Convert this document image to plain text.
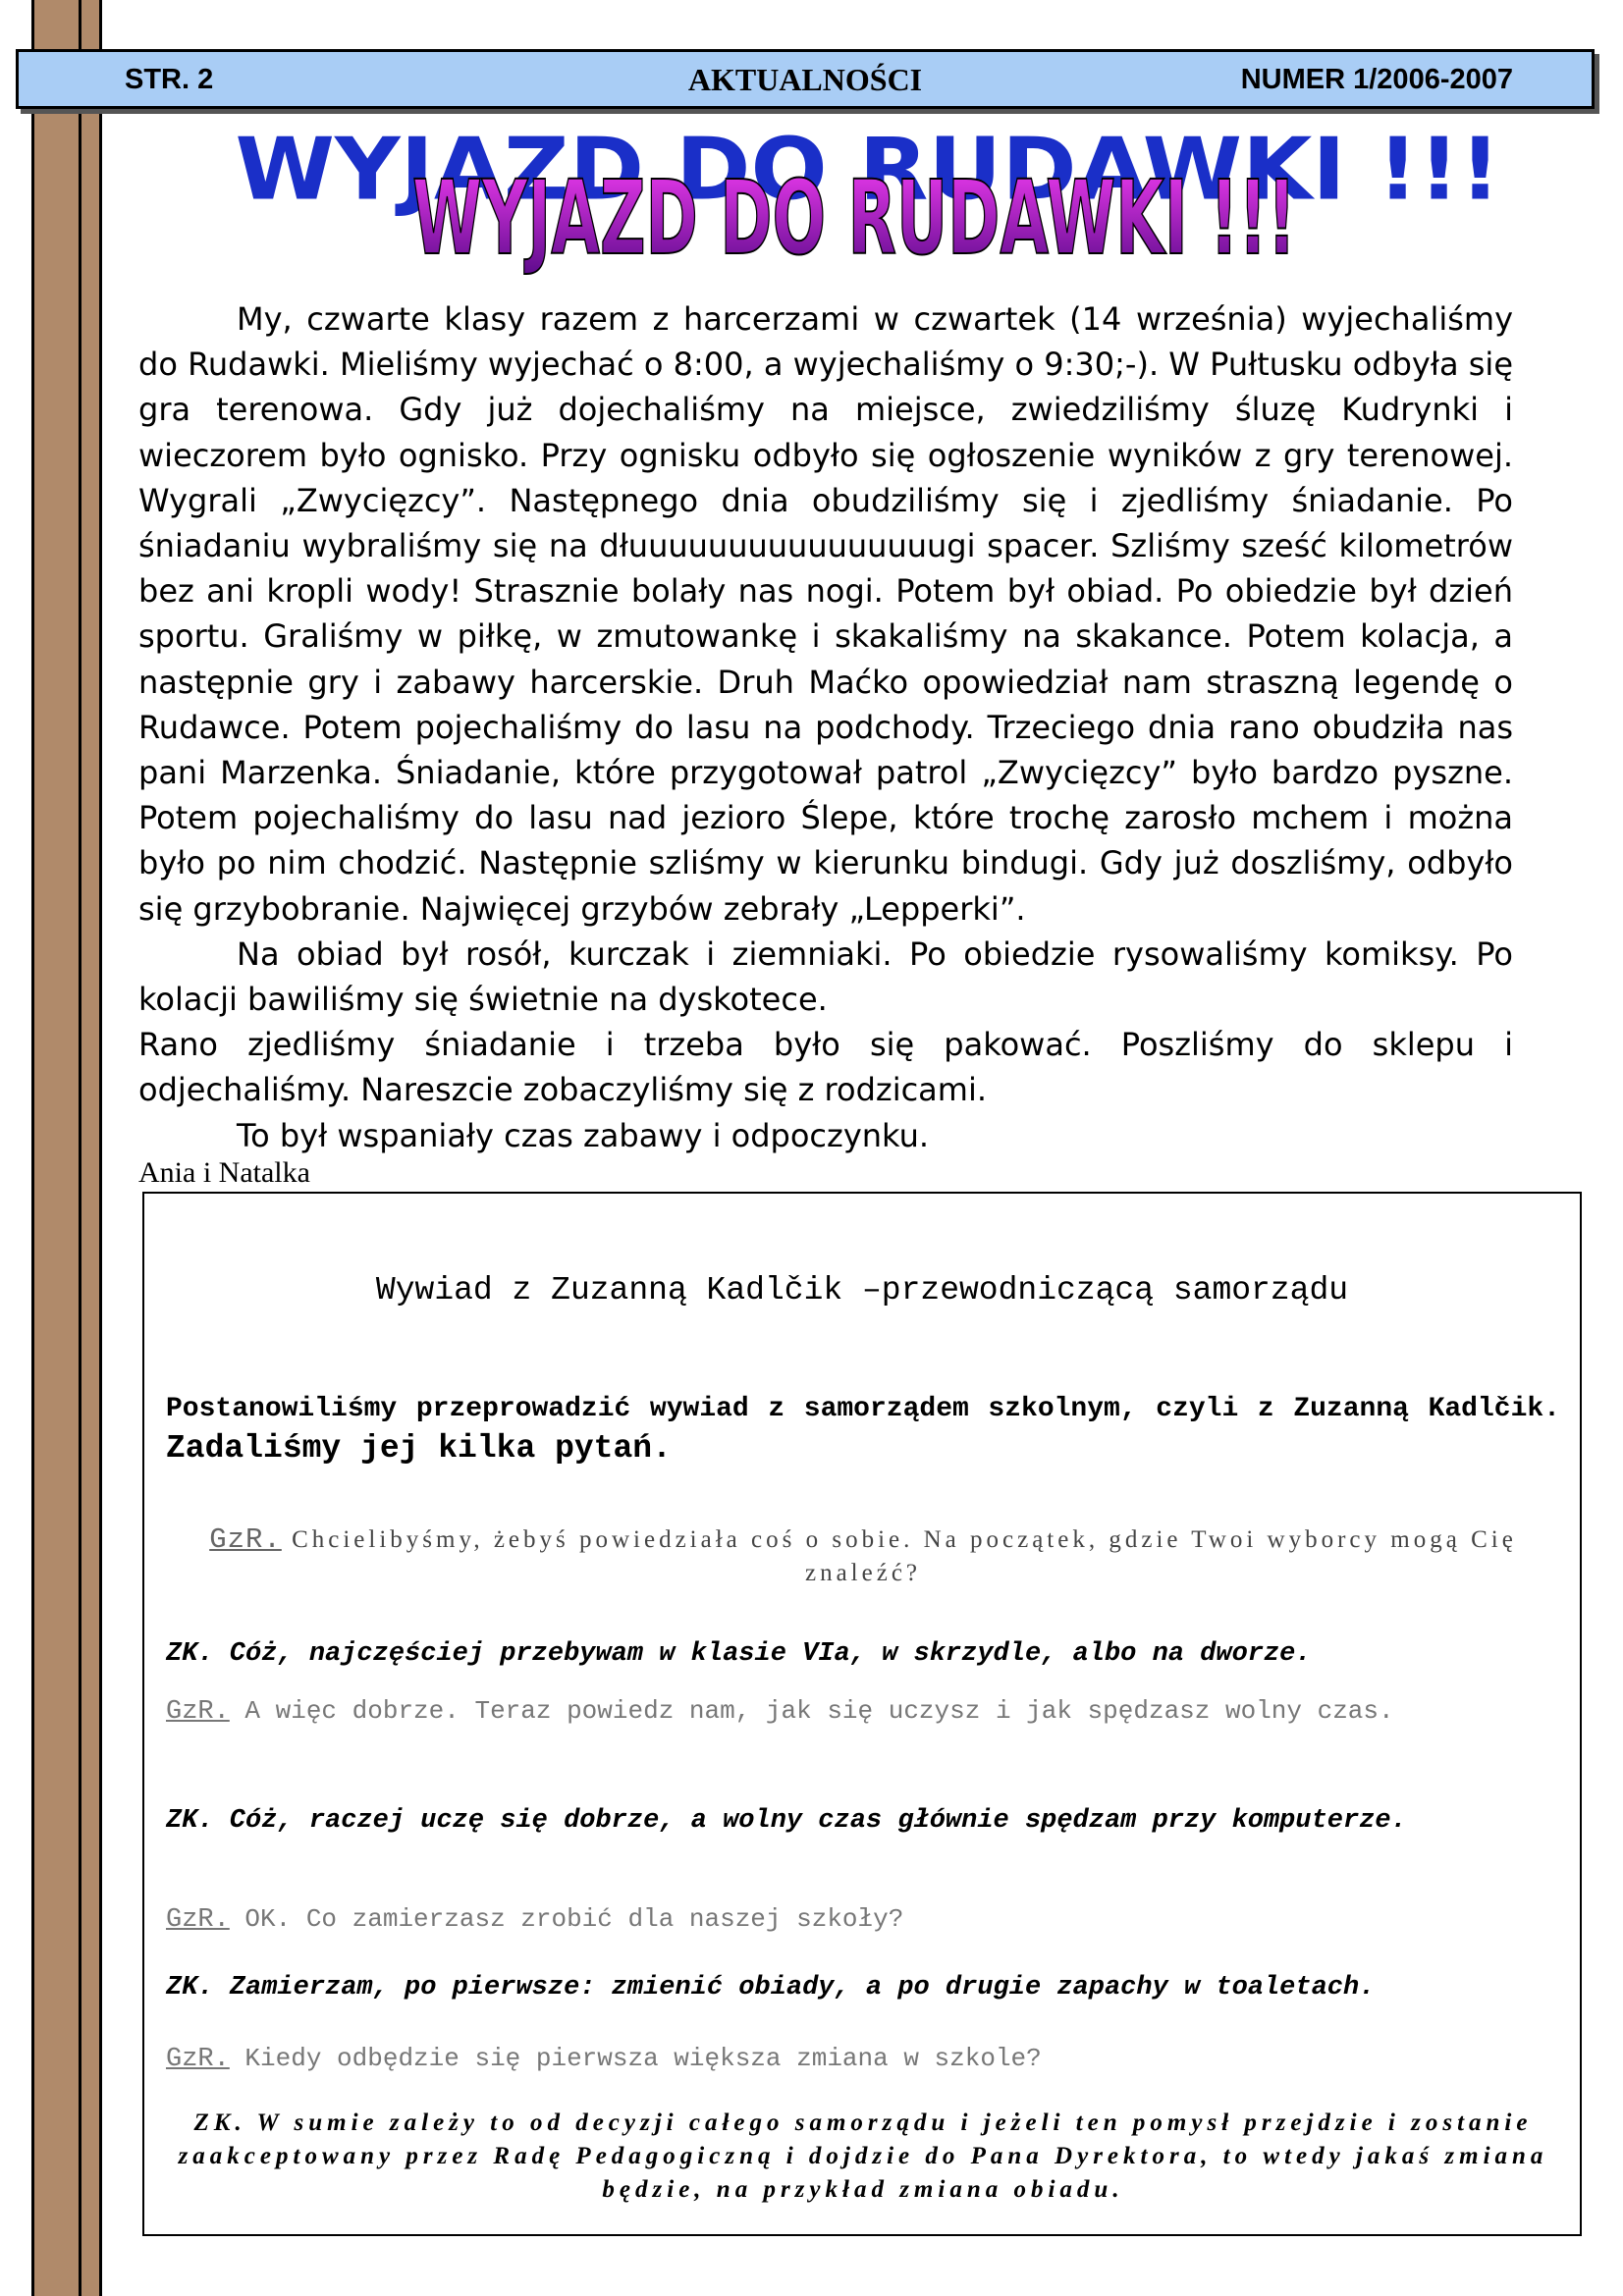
STR. 2	AKTUALNOŚCI	NUMER 1/2006-2007
WYJAZD DO RUDAWKI !!!
WYJAZD DO RUDAWKI !!!

My, czwarte klasy razem z harcerzami w czwartek (14 września) wyjechaliśmy do Rudawki. Mieliśmy wyjechać o 8:00, a wyjechaliśmy o 9:30;-). W Pułtusku odbyła się gra terenowa. Gdy już dojechaliśmy na miejsce, zwiedziliśmy śluzę Kudrynki i wieczorem było ognisko. Przy ognisku odbyło się ogłoszenie wyników z gry terenowej. Wygrali „Zwycięzcy”. Następnego dnia obudziliśmy się i zjedliśmy śniadanie. Po śniadaniu wybraliśmy się na dłuuuuuuuuuuuuuuuugi spacer. Szliśmy sześć kilometrów bez ani kropli wody! Strasznie bolały nas nogi. Potem był obiad. Po obiedzie był dzień sportu. Graliśmy w piłkę, w zmutowankę i skakaliśmy na skakance. Potem kolacja, a następnie gry i zabawy harcerskie. Druh Maćko opowiedział nam straszną legendę o Rudawce. Potem pojechaliśmy do lasu na podchody. Trzeciego dnia rano obudziła nas pani Marzenka. Śniadanie, które przygotował patrol „Zwycięzcy” było bardzo pyszne. Potem pojechaliśmy do lasu nad jezioro Ślepe, które trochę zarosło mchem i można było po nim chodzić. Następnie szliśmy w kierunku bindugi. Gdy już doszliśmy, odbyło się grzybobranie. Najwięcej grzybów zebrały „Lepperki”.

Na obiad był rosół, kurczak i ziemniaki. Po obiedzie rysowaliśmy komiksy. Po kolacji bawiliśmy się świetnie na dyskotece.

Rano zjedliśmy śniadanie i trzeba było się pakować. Poszliśmy do sklepu i odjechaliśmy. Nareszcie zobaczyliśmy się z rodzicami.

To był wspaniały czas zabawy i odpoczynku.

Ania i Natalka
Wywiad z Zuzanną Kadlčik –przewodniczącą samorządu

Postanowiliśmy przeprowadzić wywiad z samorządem szkolnym, czyli z Zuzanną Kadlčik. Zadaliśmy jej kilka pytań.

GzR. Chcielibyśmy, żebyś powiedziała coś o sobie. Na początek, gdzie Twoi wyborcy mogą Cię znaleźć?

ZK. Cóż, najczęściej przebywam w klasie VIa, w skrzydle, albo na dworze.

GzR. A więc dobrze. Teraz powiedz nam, jak się uczysz i jak spędzasz wolny czas.

ZK. Cóż, raczej uczę się dobrze, a wolny czas głównie spędzam przy komputerze.

GzR. OK. Co zamierzasz zrobić dla naszej szkoły?

ZK. Zamierzam, po pierwsze: zmienić obiady, a po drugie zapachy w toaletach.

GzR. Kiedy odbędzie się pierwsza większa zmiana w szkole?

ZK. W sumie zależy to od decyzji całego samorządu i jeżeli ten pomysł przejdzie i zostanie zaakceptowany przez Radę Pedagogiczną i dojdzie do Pana Dyrektora, to wtedy jakaś zmiana będzie, na przykład zmiana obiadu.
